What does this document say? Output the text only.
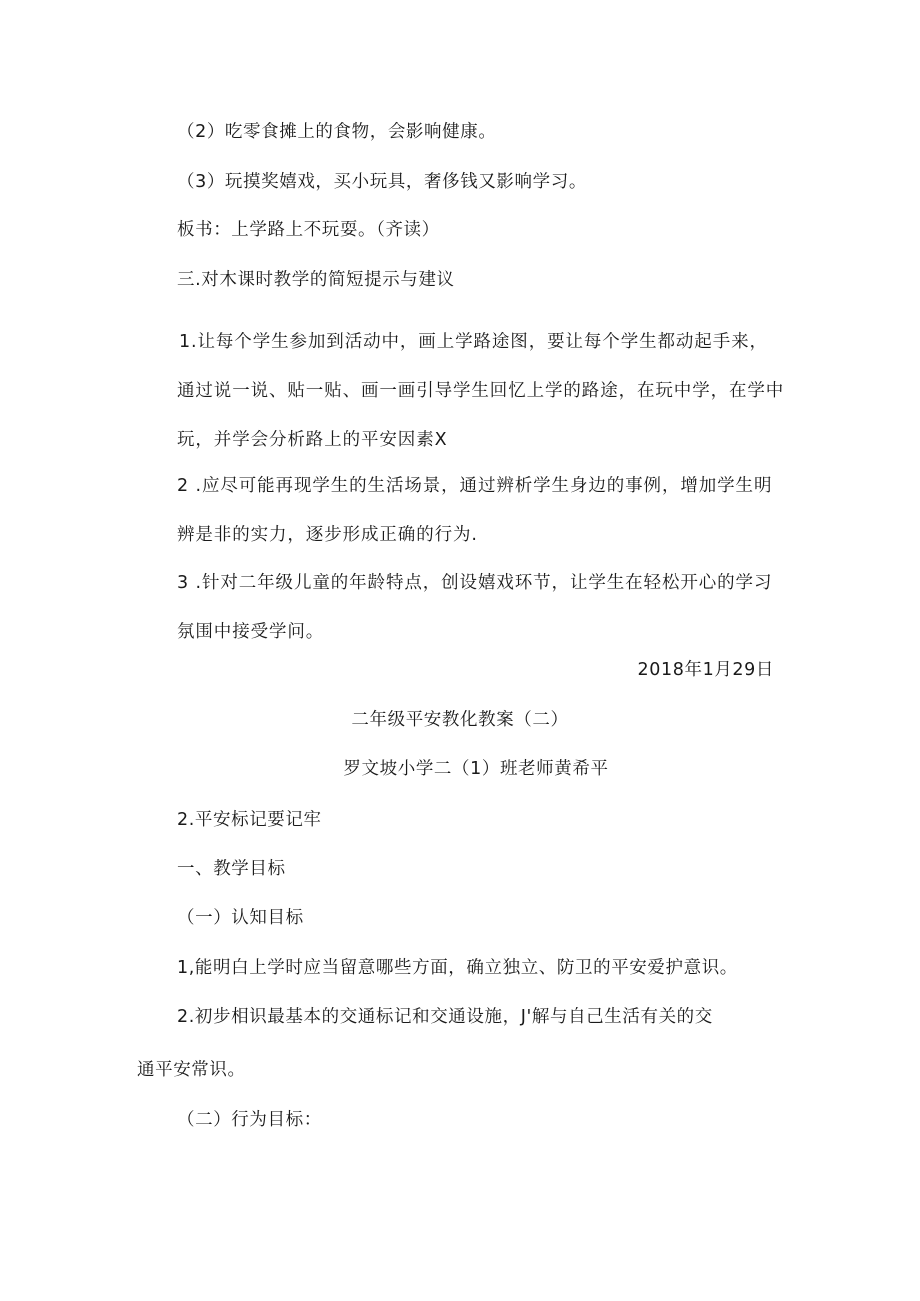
（2）吃零食摊上的食物，会影响健康。
（3）玩摸奖嬉戏，买小玩具，奢侈钱又影响学习。
板书：上学路上不玩耍。（齐读）
三.对木课时教学的简短提示与建议
1.让每个学生参加到活动中，画上学路途图，要让每个学生都动起手来，通过说一说、贴一贴、画一画引导学生回忆上学的路途，在玩中学，在学中玩，并学会分析路上的平安因素X
2 .应尽可能再现学生的生活场景，通过辨析学生身边的事例，增加学生明辨是非的实力，逐步形成正确的行为.
3 .针对二年级儿童的年龄特点，创设嬉戏环节，让学生在轻松开心的学习氛围中接受学问。
2018年1月29日
二年级平安教化教案（二）
罗文坡小学二（1）班老师黄希平
2.平安标记要记牢
一、教学目标
（一）认知目标
1,能明白上学时应当留意哪些方面，确立独立、防卫的平安爱护意识。
2.初步相识最基本的交通标记和交通设施，J'解与自己生活有关的交
通平安常识。
（二）行为目标：
